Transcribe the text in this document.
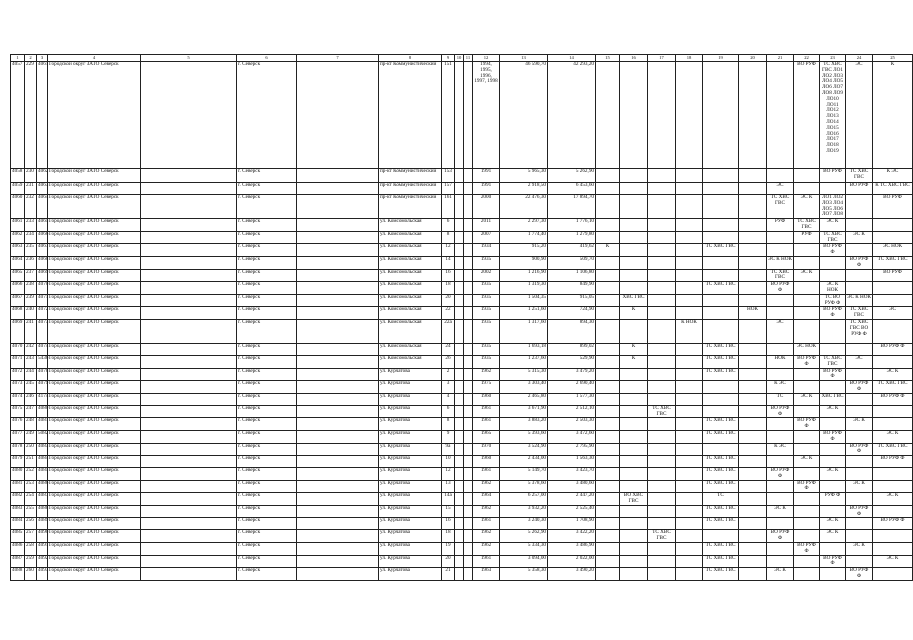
1	2	3	4	5	6	7	8	9	10	11	12	13	14	15	16	17	18	19	20	21	22	23	24	25
4057	229	4061	Городской округ ЗАТО Северск		г. Северск		пр-кт Коммунистический	151			1994, 1995, 1996, 1997, 1998	46 590,70	42 293,20								ВО РУФ	ТС ХВС ГВС ЛО1 ЛО2 ЛО3 ЛО4 ЛО5 ЛО6 ЛО7 ЛО8 ЛО9 ЛО10 ЛО11 ЛО12 ЛО13 ЛО14 ЛО15 ЛО16 ЛО17 ЛО18 ЛО19	ЭС	К
4058	230	4062	Городской округ ЗАТО Северск		г. Северск		пр-кт Коммунистический	153			1991	5 965,30	5 262,90									ВО РУФ	ТС ХВС ГВС	К ЭС
4059	231	4063	Городской округ ЗАТО Северск		г. Северск		пр-кт Коммунистический	157			1991	2 918,50	6 453,60							ЭС			ВО РУФ	К ТС ХВС ГВС
4060	232	4064	Городской округ ЗАТО Северск		г. Северск		пр-кт Коммунистический	161			2000	22 476,30	17 894,70							ТС ХВС ГВС	ЭС К	ЛО1 ЛО2 ЛО3 ЛО4 ЛО5 ЛО6 ЛО7 ЛО8		ВО РУФ
4061	233	4065	Городской округ ЗАТО Северск		г. Северск		ул. Комсомольская	6			2011	2 297,30	1 776,10							РУФ	ТС ХВС ГВС	ЭС К		
4062	234	4066	Городской округ ЗАТО Северск		г. Северск		ул. Комсомольская	8			2007	1 774,40	1 279,80								РУФ	ТС ХВС ГВС	ЭС К	
4063	235	4067	Городской округ ЗАТО Северск		г. Северск		ул. Комсомольская	12			1934	915,20	419,62	К				ТС ХВС ГВС				ВО РУФ Ф		ЭС НОК
4064	236	4068	Городской округ ЗАТО Северск		г. Северск		ул. Комсомольская	14			1935	900,90	509,70							ЭС К НОК			ВО РУФ Ф	ТС ХВС ГВС
4065	237	4069	Городской округ ЗАТО Северск		г. Северск		ул. Комсомольская	16			2002	1 216,90	1 106,80							ТС ХВС ГВС	ЭС К			ВО РУФ
4066	238	4070	Городской округ ЗАТО Северск		г. Северск		ул. Комсомольская	18			1935	1 319,30	849,90					ТС ХВС ГВС		ВО РУФ Ф		ЭС К НОК		
4067	239	4071	Городской округ ЗАТО Северск		г. Северск		ул. Комсомольская	20			1935	1 504,35	915,05		ХВС ГВС							ТС ВО РУФ Ф	ЭС К НОК	
4068	240	4072	Городской округ ЗАТО Северск		г. Северск		ул. Комсомольская	22			1935	1 251,60	724,90		К				НОК			ВО РУФ Ф	ТС ХВС ГВС	ЭС
4069	241	4073	Городской округ ЗАТО Северск		г. Северск		ул. Комсомольская	22а			1935	1 317,60	894,30				К НОК			ЭС			ТС ХВС ГВС ВО РУФ Ф	
4070	242	4074	Городской округ ЗАТО Северск		г. Северск		ул. Комсомольская	24			1935	1 693,18	899,02		К			ТС ХВС ГВС			ЭС НОК			ВО РУФ Ф
4071	243	5436	Городской округ ЗАТО Северск		г. Северск		ул. Комсомольская	26			1935	1 237,60	529,90		К			ТС ХВС ГВС		НОК	ВО РУФ Ф	ТС ХВС ГВС	ЭС	
4072	244	4078	Городской округ ЗАТО Северск		г. Северск		ул. Курчатова	2			1962	5 315,30	3 479,20					ТС ХВС ГВС				ВО РУФ Ф		ЭС К
4073	245	4079	Городской округ ЗАТО Северск		г. Северск		ул. Курчатова	3			1975	3 303,40	2 690,40							К ЭС			ВО РУФ Ф	ТС ХВС ГВС
4074	246	4174	Городской округ ЗАТО Северск		г. Северск		ул. Курчатова	4			1960	2 465,80	1 577,30							ТС	ЭС К	ХВС ГВС		ВО РУФ Ф
4075	247	4080	Городской округ ЗАТО Северск		г. Северск		ул. Курчатова	6			1961	3 671,90	2 512,10			ТС ХВС ГВС				ВО РУФ Ф		ЭС К		
4076	248	4081	Городской округ ЗАТО Северск		г. Северск		ул. Курчатова	8			1961	3 883,20	2 503,30					ТС ХВС ГВС			ВО РУФ Ф		ЭС К	
4077	249	5082	Городской округ ЗАТО Северск		г. Северск		ул. Курчатова	9			1965	5 393,60	3 472,60					ТС ХВС ГВС				ВО РУФ Ф		ЭС К
4078	250	4083	Городской округ ЗАТО Северск		г. Северск		ул. Курчатова	9а			1970	3 524,90	2 795,90							К ЭС			ВО РУФ Ф	ТС ХВС ГВС
4079	251	4084	Городской округ ЗАТО Северск		г. Северск		ул. Курчатова	10			1960	2 434,00	1 563,30					ТС ХВС ГВС			ЭС К			ВО РУФ Ф
4080	252	4085	Городской округ ЗАТО Северск		г. Северск		ул. Курчатова	12			1961	5 149,70	3 423,70					ТС ХВС ГВС		ВО РУФ Ф		ЭС К		
4081	253	4086	Городской округ ЗАТО Северск		г. Северск		ул. Курчатова	13			1962	5 378,60	3 480,60					ТС ХВС ГВС			ВО РУФ Ф		ЭС К	
4082	254	4087	Городской округ ЗАТО Северск		г. Северск		ул. Курчатова	14а			1964	6 257,00	2 447,20		ВО ХВС ГВС			ТС				РУФ Ф		ЭС К
4083	255	4088	Городской округ ЗАТО Северск		г. Северск		ул. Курчатова	15			1962	3 932,20	2 525,40					ТС ХВС ГВС		ЭС К			ВО РУФ Ф	
4084	256	4089	Городской округ ЗАТО Северск		г. Северск		ул. Курчатова	16			1961	3 240,30	1 708,90					ТС ХВС ГВС				ЭС К		ВО РУФ Ф
4085	257	4090	Городской округ ЗАТО Северск		г. Северск		ул. Курчатова	18			1962	5 262,90	3 422,20			ТС ХВС ГВС				ВО РУФ Ф		ЭС К		
4086	258	4091	Городской округ ЗАТО Северск		г. Северск		ул. Курчатова	19			1962	5 334,30	3 486,90					ТС ХВС ГВС			ВО РУФ Ф		ЭС К	
4087	259	4092	Городской округ ЗАТО Северск		г. Северск		ул. Курчатова	20			1961	3 094,00	2 022,00					ТС ХВС ГВС				ВО РУФ Ф		ЭС К
4088	260	4093	Городской округ ЗАТО Северск		г. Северск		ул. Курчатова	21			1963	5 358,30	3 490,20					ТС ХВС ГВС		ЭС К			ВО РУФ Ф	
